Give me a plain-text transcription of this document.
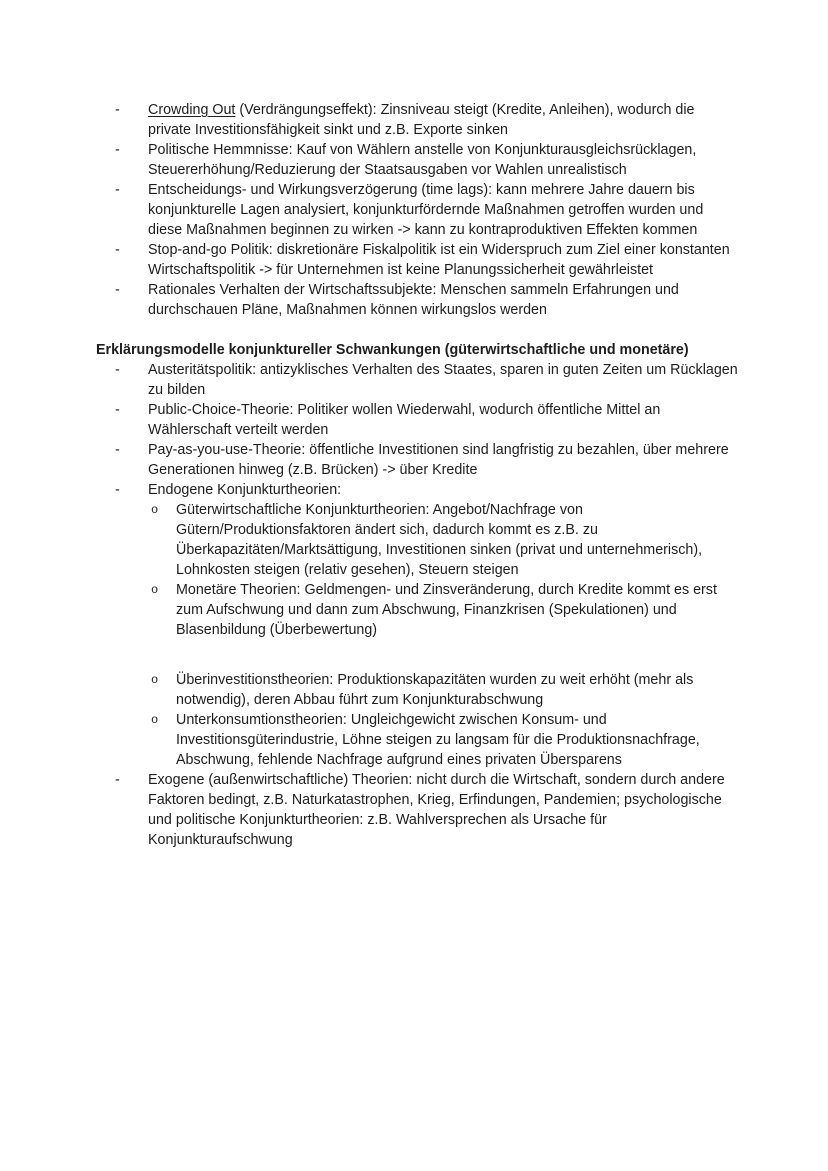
-	Crowding Out (Verdrängungseffekt): Zinsniveau steigt (Kredite, Anleihen), wodurch die private Investitionsfähigkeit sinkt und z.B. Exporte sinken
-	Politische Hemmnisse: Kauf von Wählern anstelle von Konjunkturausgleichsrücklagen, Steuererhöhung/Reduzierung der Staatsausgaben vor Wahlen unrealistisch
-	Entscheidungs- und Wirkungsverzögerung (time lags): kann mehrere Jahre dauern bis konjunkturelle Lagen analysiert, konjunkturfördernde Maßnahmen getroffen wurden und diese Maßnahmen beginnen zu wirken -> kann zu kontraproduktiven Effekten kommen
-	Stop-and-go Politik: diskretionäre Fiskalpolitik ist ein Widerspruch zum Ziel einer konstanten Wirtschaftspolitik -> für Unternehmen ist keine Planungssicherheit gewährleistet
-	Rationales Verhalten der Wirtschaftssubjekte: Menschen sammeln Erfahrungen und durchschauen Pläne, Maßnahmen können wirkungslos werden

Erklärungsmodelle konjunktureller Schwankungen (güterwirtschaftliche und monetäre)

-	Austeritätspolitik: antizyklisches Verhalten des Staates, sparen in guten Zeiten um Rücklagen zu bilden
-	Public-Choice-Theorie: Politiker wollen Wiederwahl, wodurch öffentliche Mittel an Wählerschaft verteilt werden
-	Pay-as-you-use-Theorie: öffentliche Investitionen sind langfristig zu bezahlen, über mehrere Generationen hinweg (z.B. Brücken) -> über Kredite
-	Endogene Konjunkturtheorien:
o	Güterwirtschaftliche Konjunkturtheorien: Angebot/Nachfrage von Gütern/Produktionsfaktoren ändert sich, dadurch kommt es z.B. zu Überkapazitäten/Marktsättigung, Investitionen sinken (privat und unternehmerisch), Lohnkosten steigen (relativ gesehen), Steuern steigen
o	Monetäre Theorien: Geldmengen- und Zinsveränderung, durch Kredite kommt es erst zum Aufschwung und dann zum Abschwung, Finanzkrisen (Spekulationen) und Blasenbildung (Überbewertung)
o	Überinvestitionstheorien: Produktionskapazitäten wurden zu weit erhöht (mehr als notwendig), deren Abbau führt zum Konjunkturabschwung
o	Unterkonsumtionstheorien: Ungleichgewicht zwischen Konsum- und Investitionsgüterindustrie, Löhne steigen zu langsam für die Produktionsnachfrage, Abschwung, fehlende Nachfrage aufgrund eines privaten Übersparens
-	Exogene (außenwirtschaftliche) Theorien: nicht durch die Wirtschaft, sondern durch andere Faktoren bedingt, z.B. Naturkatastrophen, Krieg, Erfindungen, Pandemien; psychologische und politische Konjunkturtheorien: z.B. Wahlversprechen als Ursache für Konjunkturaufschwung
